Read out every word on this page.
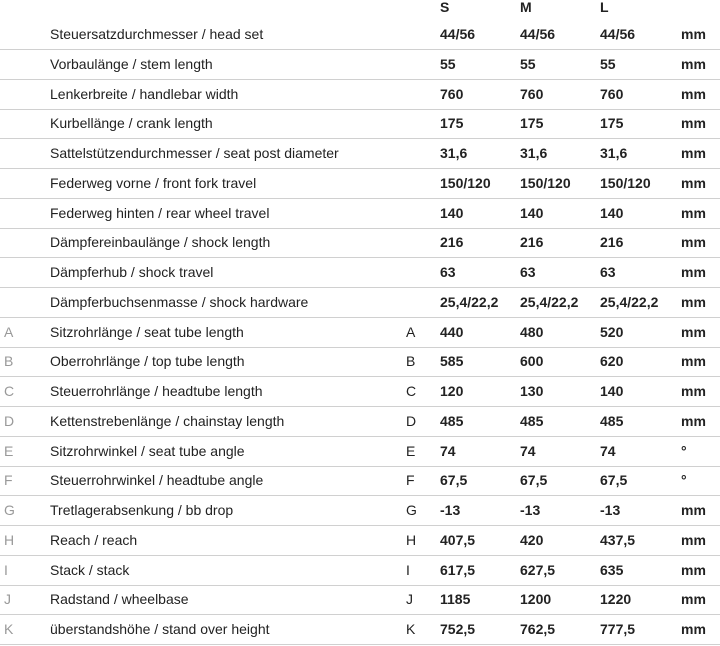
S	M	L
Steuersatzdurchmesser / head set	44/56	44/56	44/56	mm
Vorbaulänge / stem length	55	55	55	mm
Lenkerbreite / handlebar width	760	760	760	mm
Kurbellänge / crank length	175	175	175	mm
Sattelstützendurchmesser / seat post diameter	31,6	31,6	31,6	mm
Federweg vorne / front fork travel	150/120 150/120 150/120 mm
Federweg hinten / rear wheel travel	140	140	140	mm
Dämpfereinbaulänge / shock length	216	216	216	mm
Dämpferhub / shock travel	63	63	63	mm
Dämpferbuchsenmasse / shock hardware	25,4/22,2 25,4/22,2 25,4/22,2 mm
A	Sitzrohrlänge / seat tube length	A 440	480	520	mm
B	Oberrohrlänge / top tube length	B 585	600	620	mm
C	Steuerrohrlänge / headtube length	C 120	130	140	mm
D	Kettenstrebenlänge / chainstay length	D 485	485	485	mm
E	Sitzrohrwinkel / seat tube angle	E 74	74	74	°
F	Steuerrohrwinkel / headtube angle	F 67,5	67,5	67,5	°
G	Tretlagerabsenkung / bb drop	G -13	-13	-13	mm
H	Reach / reach	H 407,5	420	437,5	mm
I	Stack / stack	I 617,5	627,5	635	mm
J	Radstand / wheelbase	J 1185	1200	1220	mm
K	überstandshöhe / stand over height	K 752,5	762,5	777,5	mm
